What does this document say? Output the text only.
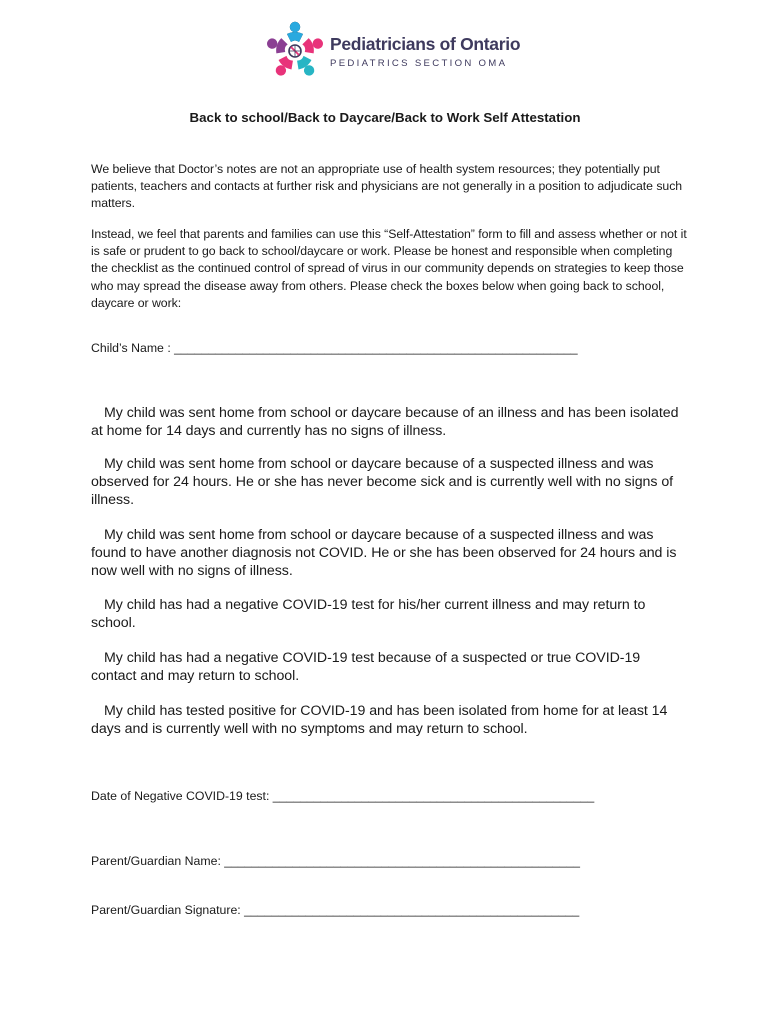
Pediatricians of Ontario
PEDIATRICS SECTION OMA
Back to school/Back to Daycare/Back to Work Self Attestation
We believe that Doctor’s notes are not an appropriate use of health system resources; they potentially put patients, teachers and contacts at further risk and physicians are not generally in a position to adjudicate such matters.
Instead, we feel that parents and families can use this “Self-Attestation” form to fill and assess whether or not it is safe or prudent to go back to school/daycare or work. Please be honest and responsible when completing the checklist as the continued control of spread of virus in our community depends on strategies to keep those who may spread the disease away from others. Please check the boxes below when going back to school, daycare or work:
Child’s Name : ___________________________________________________________
My child was sent home from school or daycare because of an illness and has been isolated at home for 14 days and currently has no signs of illness.
My child was sent home from school or daycare because of a suspected illness and was observed for 24 hours. He or she has never become sick and is currently well with no signs of illness.
My child was sent home from school or daycare because of a suspected illness and was found to have another diagnosis not COVID. He or she has been observed for 24 hours and is now well with no signs of illness.
My child has had a negative COVID-19 test for his/her current illness and may return to school.
My child has had a negative COVID-19 test because of a suspected or true COVID-19 contact and may return to school.
My child has tested positive for COVID-19 and has been isolated from home for at least 14 days and is currently well with no symptoms and may return to school.
Date of Negative COVID-19 test: _______________________________________________
Parent/Guardian Name: ____________________________________________________
Parent/Guardian Signature: _________________________________________________
